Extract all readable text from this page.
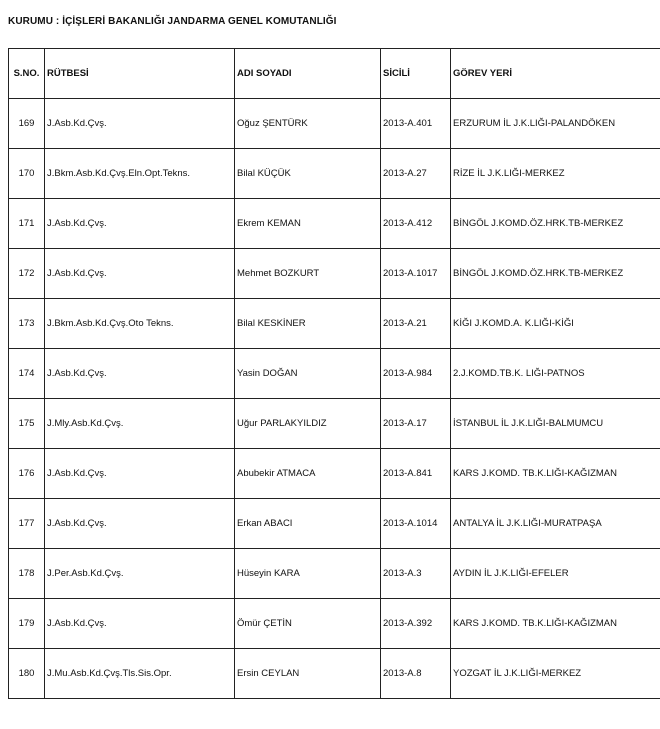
KURUMU : İÇİŞLERİ BAKANLIĞI JANDARMA GENEL KOMUTANLIĞI
S.NO.	RÜTBESİ	ADI SOYADI	SİCİLİ	GÖREV YERİ
169	J.Asb.Kd.Çvş.	Oğuz ŞENTÜRK	2013-A.401	ERZURUM İL J.K.LIĞI-PALANDÖKEN
170	J.Bkm.Asb.Kd.Çvş.Eln.Opt.Tekns.	Bilal KÜÇÜK	2013-A.27	RİZE İL J.K.LIĞI-MERKEZ
171	J.Asb.Kd.Çvş.	Ekrem KEMAN	2013-A.412	BİNGÖL J.KOMD.ÖZ.HRK.TB-MERKEZ
172	J.Asb.Kd.Çvş.	Mehmet BOZKURT	2013-A.1017	BİNGÖL J.KOMD.ÖZ.HRK.TB-MERKEZ
173	J.Bkm.Asb.Kd.Çvş.Oto Tekns.	Bilal KESKİNER	2013-A.21	KİĞI J.KOMD.A. K.LIĞI-KİĞI
174	J.Asb.Kd.Çvş.	Yasin DOĞAN	2013-A.984	2.J.KOMD.TB.K. LIĞI-PATNOS
175	J.Mly.Asb.Kd.Çvş.	Uğur PARLAKYILDIZ	2013-A.17	İSTANBUL İL J.K.LIĞI-BALMUMCU
176	J.Asb.Kd.Çvş.	Abubekir ATMACA	2013-A.841	KARS J.KOMD. TB.K.LIĞI-KAĞIZMAN
177	J.Asb.Kd.Çvş.	Erkan ABACI	2013-A.1014	ANTALYA İL J.K.LIĞI-MURATPAŞA
178	J.Per.Asb.Kd.Çvş.	Hüseyin KARA	2013-A.3	AYDIN İL J.K.LIĞI-EFELER
179	J.Asb.Kd.Çvş.	Ömür ÇETİN	2013-A.392	KARS J.KOMD. TB.K.LIĞI-KAĞIZMAN
180	J.Mu.Asb.Kd.Çvş.Tls.Sis.Opr.	Ersin CEYLAN	2013-A.8	YOZGAT İL J.K.LIĞI-MERKEZ
